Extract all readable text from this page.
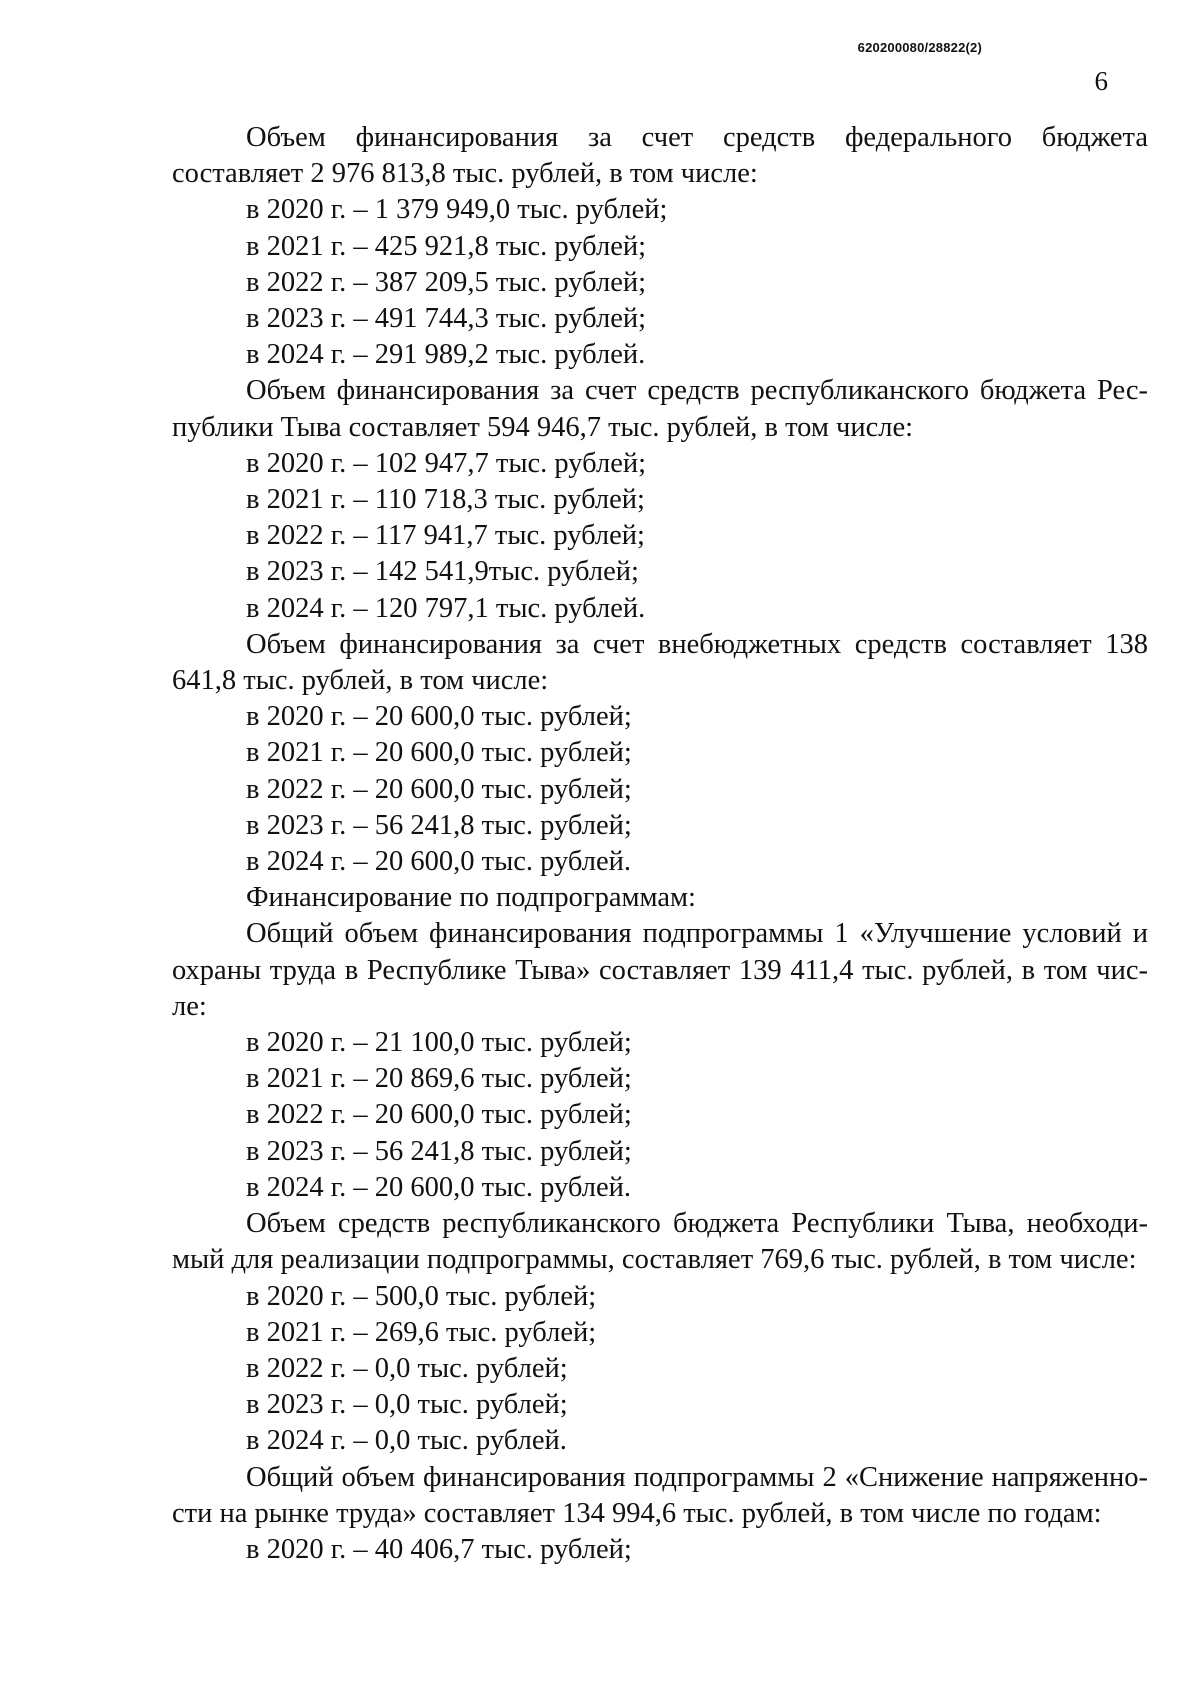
620200080/28822(2)
6

Объем финансирования за счет средств федерального бюджета составляет 2 976 813,8 тыс. рублей, в том числе:

в 2020 г. – 1 379 949,0 тыс. рублей;
в 2021 г. – 425 921,8 тыс. рублей;
в 2022 г. – 387 209,5 тыс. рублей;
в 2023 г. – 491 744,3 тыс. рублей;
в 2024 г. – 291 989,2 тыс. рублей.

Объем финансирования за счет средств республиканского бюджета Республики Тыва составляет 594 946,7 тыс. рублей, в том числе:

в 2020 г. – 102 947,7 тыс. рублей;
в 2021 г. – 110 718,3 тыс. рублей;
в 2022 г. – 117 941,7 тыс. рублей;
в 2023 г. – 142 541,9тыс. рублей;
в 2024 г. – 120 797,1 тыс. рублей.

Объем финансирования за счет внебюджетных средств составляет 138 641,8 тыс. рублей, в том числе:

в 2020 г. – 20 600,0 тыс. рублей;
в 2021 г. – 20 600,0 тыс. рублей;
в 2022 г. – 20 600,0 тыс. рублей;
в 2023 г. – 56 241,8 тыс. рублей;
в 2024 г. – 20 600,0 тыс. рублей.
Финансирование по подпрограммам:

Общий объем финансирования подпрограммы 1 «Улучшение условий и охраны труда в Республике Тыва» составляет 139 411,4 тыс. рублей, в том числе:

в 2020 г. – 21 100,0 тыс. рублей;
в 2021 г. – 20 869,6 тыс. рублей;
в 2022 г. – 20 600,0 тыс. рублей;
в 2023 г. – 56 241,8 тыс. рублей;
в 2024 г. – 20 600,0 тыс. рублей.

Объем средств республиканского бюджета Республики Тыва, необходимый для реализации подпрограммы, составляет 769,6 тыс. рублей, в том числе:

в 2020 г. – 500,0 тыс. рублей;
в 2021 г. – 269,6 тыс. рублей;
в 2022 г. – 0,0 тыс. рублей;
в 2023 г. – 0,0 тыс. рублей;
в 2024 г. – 0,0 тыс. рублей.

Общий объем финансирования подпрограммы 2 «Снижение напряженности на рынке труда» составляет 134 994,6 тыс. рублей, в том числе по годам:

в 2020 г. – 40 406,7 тыс. рублей;
